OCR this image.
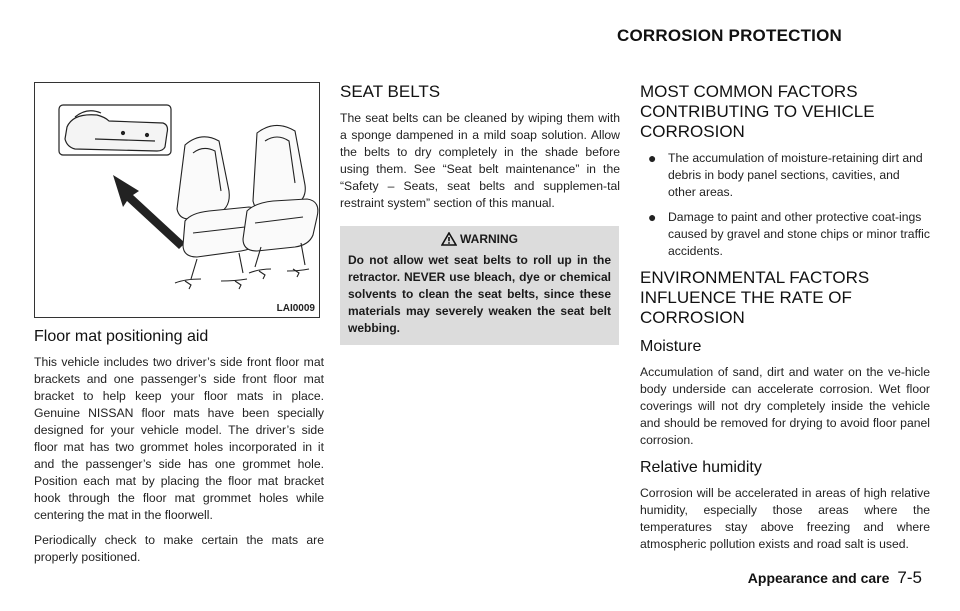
CORROSION PROTECTION
LAI0009
Floor mat positioning aid

This vehicle includes two driver’s side front floor mat brackets and one passenger’s side front floor mat bracket to help keep your floor mats in place. Genuine NISSAN floor mats have been specially designed for your vehicle model. The driver’s side floor mat has two grommet holes incorporated in it and the passenger’s side has one grommet hole. Position each mat by placing the floor mat bracket hook through the floor mat grommet holes while centering the mat in the floorwell.

Periodically check to make certain the mats are properly positioned.

SEAT BELTS

The seat belts can be cleaned by wiping them with a sponge dampened in a mild soap solution. Allow the belts to dry completely in the shade before using them. See “Seat belt maintenance” in the “Safety – Seats, seat belts and supplemen-tal restraint system” section of this manual.

WARNING
Do not allow wet seat belts to roll up in the retractor. NEVER use bleach, dye or chemical solvents to clean the seat belts, since these materials may severely weaken the seat belt webbing.
MOST COMMON FACTORS CONTRIBUTING TO VEHICLE CORROSION
● The accumulation of moisture-retaining dirt and debris in body panel sections, cavities, and other areas.
● Damage to paint and other protective coat-ings caused by gravel and stone chips or minor traffic accidents.
ENVIRONMENTAL FACTORS INFLUENCE THE RATE OF CORROSION
Moisture

Accumulation of sand, dirt and water on the ve-hicle body underside can accelerate corrosion. Wet floor coverings will not dry completely inside the vehicle and should be removed for drying to avoid floor panel corrosion.

Relative humidity

Corrosion will be accelerated in areas of high relative humidity, especially those areas where the temperatures stay above freezing and where atmospheric pollution exists and road salt is used.

Appearance and care 7-5
